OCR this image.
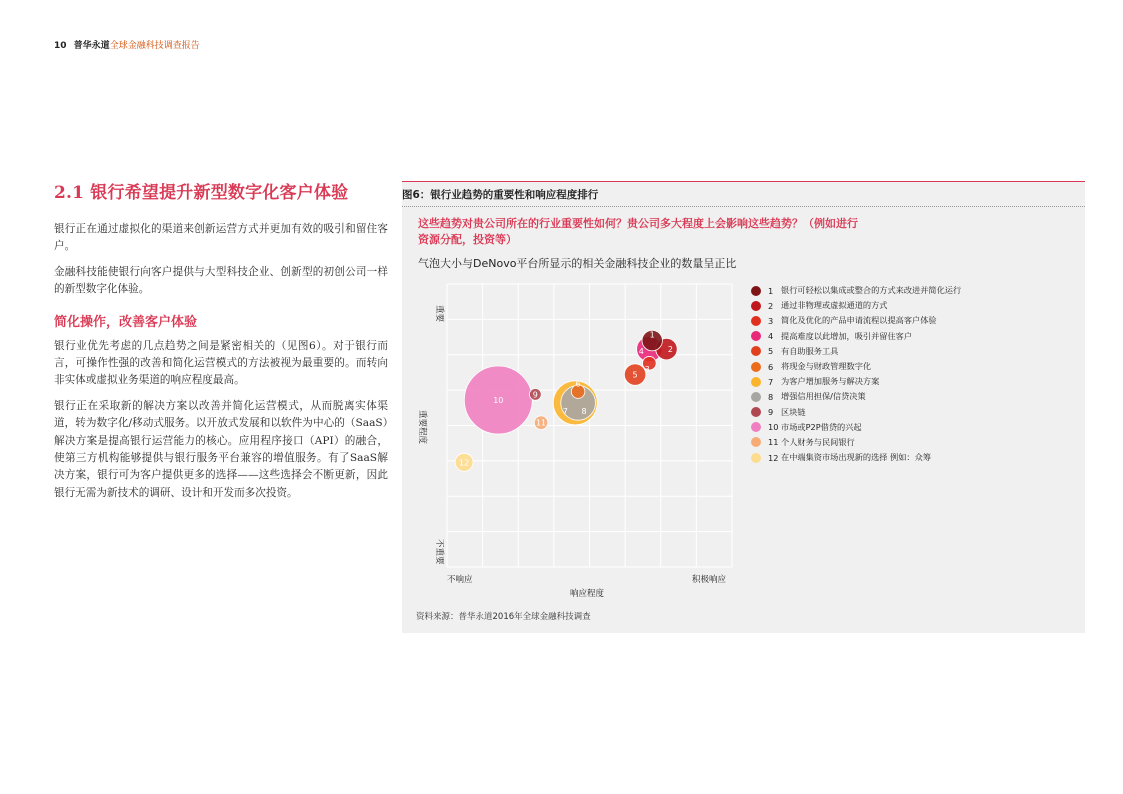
10 普华永道全球金融科技调查报告
2.1 银行希望提升新型数字化客户体验

银行正在通过虚拟化的渠道来创新运营方式并更加有效的吸引和留住客户。

金融科技能使银行向客户提供与大型科技企业、创新型的初创公司一样的新型数字化体验。

简化操作，改善客户体验

银行业优先考虑的几点趋势之间是紧密相关的（见图6）。对于银行而言，可操作性强的改善和简化运营模式的方法被视为最重要的。而转向非实体或虚拟业务渠道的响应程度最高。

银行正在采取新的解决方案以改善并简化运营模式，从而脱离实体渠道，转为数字化/移动式服务。以开放式发展和以软件为中心的（SaaS）解决方案是提高银行运营能力的核心。应用程序接口（API）的融合，使第三方机构能够提供与银行服务平台兼容的增值服务。有了SaaS解决方案，银行可为客户提供更多的选择——这些选择会不断更新，因此银行无需为新技术的调研、设计和开发而多次投资。

图6：银行业趋势的重要性和响应程度排行
这些趋势对贵公司所在的行业重要性如何？贵公司多大程度上会影响这些趋势？（例如进行资源分配，投资等）
气泡大小与DeNovo平台所显示的相关金融科技企业的数量呈正比
重要
重要程度
不重要
不响应	积极响应
响应程度
1
2
3
4
5
6
7 8
9
10
11
12
1 银行可轻松以集成或整合的方式来改进并简化运行
2 通过非物理或虚拟通道的方式
3 简化及优化的产品申请流程以提高客户体验
4 提高难度以此增加，吸引并留住客户
5 有自助服务工具
6 将现金与财政管理数字化
7 为客户增加服务与解决方案
8 增强信用担保/信贷决策
9 区块链
10 市场或P2P借贷的兴起
11 个人财务与民间银行
12 在中端集资市场出现新的选择 例如：众筹
资料来源：普华永道2016年全球金融科技调查
